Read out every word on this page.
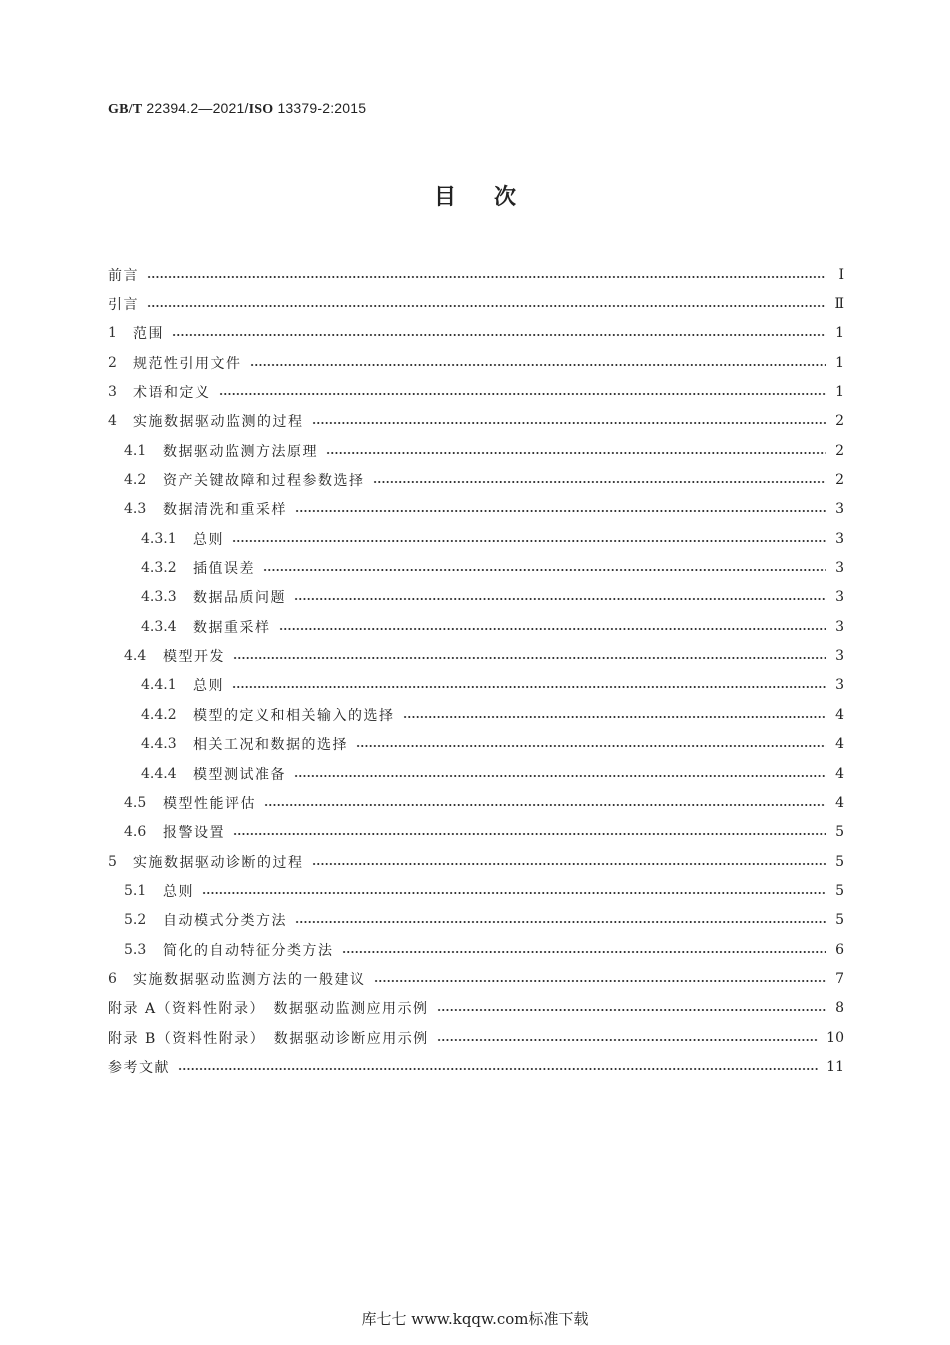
GB/T 22394.2—2021/ISO 13379-2:2015
目次
前言	Ⅰ
引言	Ⅱ
1	范围	1
2	规范性引用文件	1
3	术语和定义	1
4	实施数据驱动监测的过程	2
4.1	数据驱动监测方法原理	2
4.2	资产关键故障和过程参数选择	2
4.3	数据清洗和重采样	3
4.3.1	总则	3
4.3.2	插值误差	3
4.3.3	数据品质问题	3
4.3.4	数据重采样	3
4.4	模型开发	3
4.4.1	总则	3
4.4.2	模型的定义和相关输入的选择	4
4.4.3	相关工况和数据的选择	4
4.4.4	模型测试准备	4
4.5	模型性能评估	4
4.6	报警设置	5
5	实施数据驱动诊断的过程	5
5.1	总则	5
5.2	自动模式分类方法	5
5.3	简化的自动特征分类方法	6
6	实施数据驱动监测方法的一般建议	7
附录 A（资料性附录）　数据驱动监测应用示例	8
附录 B（资料性附录）　数据驱动诊断应用示例	10
参考文献	11
库七七 www.kqqw.com标准下载
